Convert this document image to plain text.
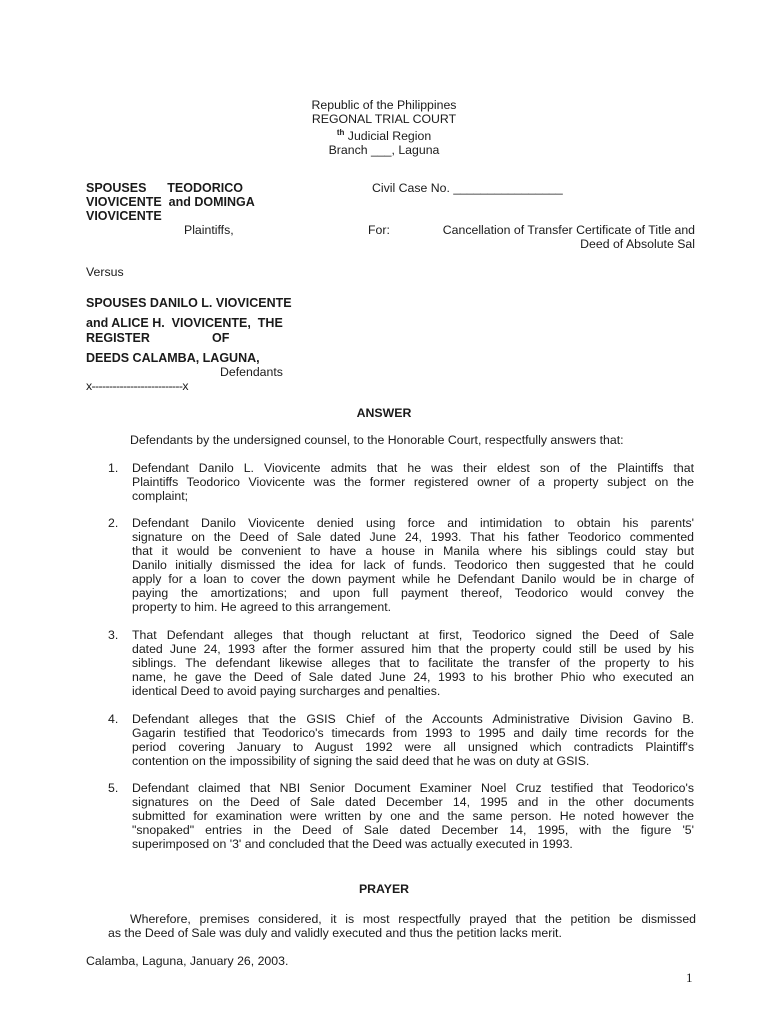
Republic of the Philippines
REGONAL TRIAL COURT
$^{th}$ Judicial Region
Branch ___, Laguna
SPOUSES      TEODORICO
VIOVICENTE  and DOMINGA
VIOVICENTE
Plaintiffs,
Civil Case No. ________________
For:	Cancellation of Transfer Certificate of Title and
Deed of Absolute Sal
Versus
SPOUSES DANILO L. VIOVICENTE
and ALICE H.  VIOVICENTE,  THE
REGISTER	OF
DEEDS CALAMBA, LAGUNA,
Defendants
x--------------------------x
ANSWER
Defendants by the undersigned counsel, to the Honorable Court, respectfully answers that:
1. Defendant Danilo L. Viovicente admits that he was their eldest son of the Plaintiffs that
Plaintiffs Teodorico Viovicente was the former registered owner of a property subject on the
complaint;
2. Defendant Danilo Viovicente denied using force and intimidation to obtain his parents'
signature on the Deed of Sale dated June 24, 1993. That his father Teodorico commented
that it would be convenient to have a house in Manila where his siblings could stay but
Danilo initially dismissed the idea for lack of funds. Teodorico then suggested that he could
apply for a loan to cover the down payment while he Defendant Danilo would be in charge of
paying the amortizations; and upon full payment thereof, Teodorico would convey the
property to him. He agreed to this arrangement.
3. That Defendant alleges that though reluctant at first, Teodorico signed the Deed of Sale
dated June 24, 1993 after the former assured him that the property could still be used by his
siblings. The defendant likewise alleges that to facilitate the transfer of the property to his
name, he gave the Deed of Sale dated June 24, 1993 to his brother Phio who executed an
identical Deed to avoid paying surcharges and penalties.
4. Defendant alleges that the GSIS Chief of the Accounts Administrative Division Gavino B.
Gagarin testified that Teodorico's timecards from 1993 to 1995 and daily time records for the
period covering January to August 1992 were all unsigned which contradicts Plaintiff's
contention on the impossibility of signing the said deed that he was on duty at GSIS.
5. Defendant claimed that NBI Senior Document Examiner Noel Cruz testified that Teodorico's
signatures on the Deed of Sale dated December 14, 1995 and in the other documents
submitted for examination were written by one and the same person. He noted however the
"snopaked" entries in the Deed of Sale dated December 14, 1995, with the figure '5'
superimposed on '3' and concluded that the Deed was actually executed in 1993.
PRAYER
Wherefore, premises considered, it is most respectfully prayed that the petition be dismissed
as the Deed of Sale was duly and validly executed and thus the petition lacks merit.
Calamba, Laguna, January 26, 2003.
1
